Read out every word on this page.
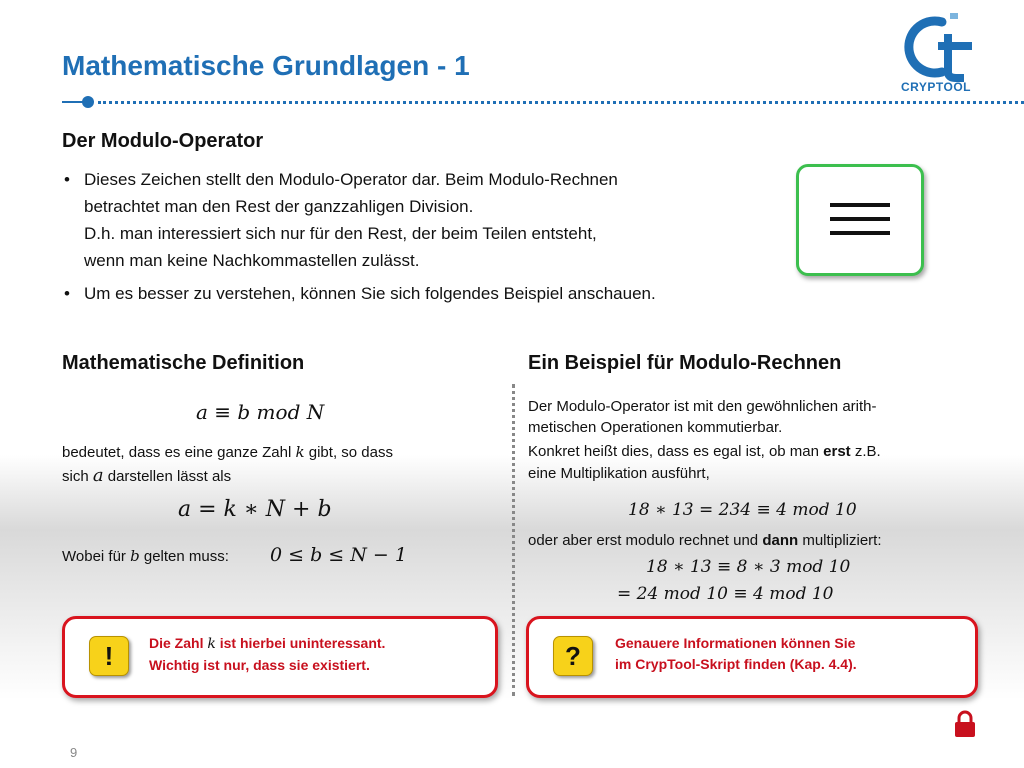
Mathematische Grundlagen - 1
CRYPTOOL
Der Modulo-Operator
• Dieses Zeichen stellt den Modulo-Operator dar. Beim Modulo-Rechnen
betrachtet man den Rest der ganzzahligen Division.
D.h. man interessiert sich nur für den Rest, der beim Teilen entsteht,
wenn man keine Nachkommastellen zulässt.
• Um es besser zu verstehen, können Sie sich folgendes Beispiel anschauen.
Mathematische Definition
a ≡ b mod N
bedeutet, dass es eine ganze Zahl k gibt, so dass
sich a darstellen lässt als
a = k ∗ N + b
Wobei für b gelten muss: 0 ≤ b ≤ N − 1
Ein Beispiel für Modulo-Rechnen
Der Modulo-Operator ist mit den gewöhnlichen arith-
metischen Operationen kommutierbar.
Konkret heißt dies, dass es egal ist, ob man erst z.B.
eine Multiplikation ausführt,
18 ∗ 13 = 234 ≡ 4 mod 10
oder aber erst modulo rechnet und dann multipliziert:
18 ∗ 13 ≡ 8 ∗ 3 mod 10
= 24 mod 10 ≡ 4 mod 10
!	Die Zahl k ist hierbei uninteressant.
Wichtig ist nur, dass sie existiert.	?	Genauere Informationen können Sie
im CrypTool-Skript finden (Kap. 4.4).
9
